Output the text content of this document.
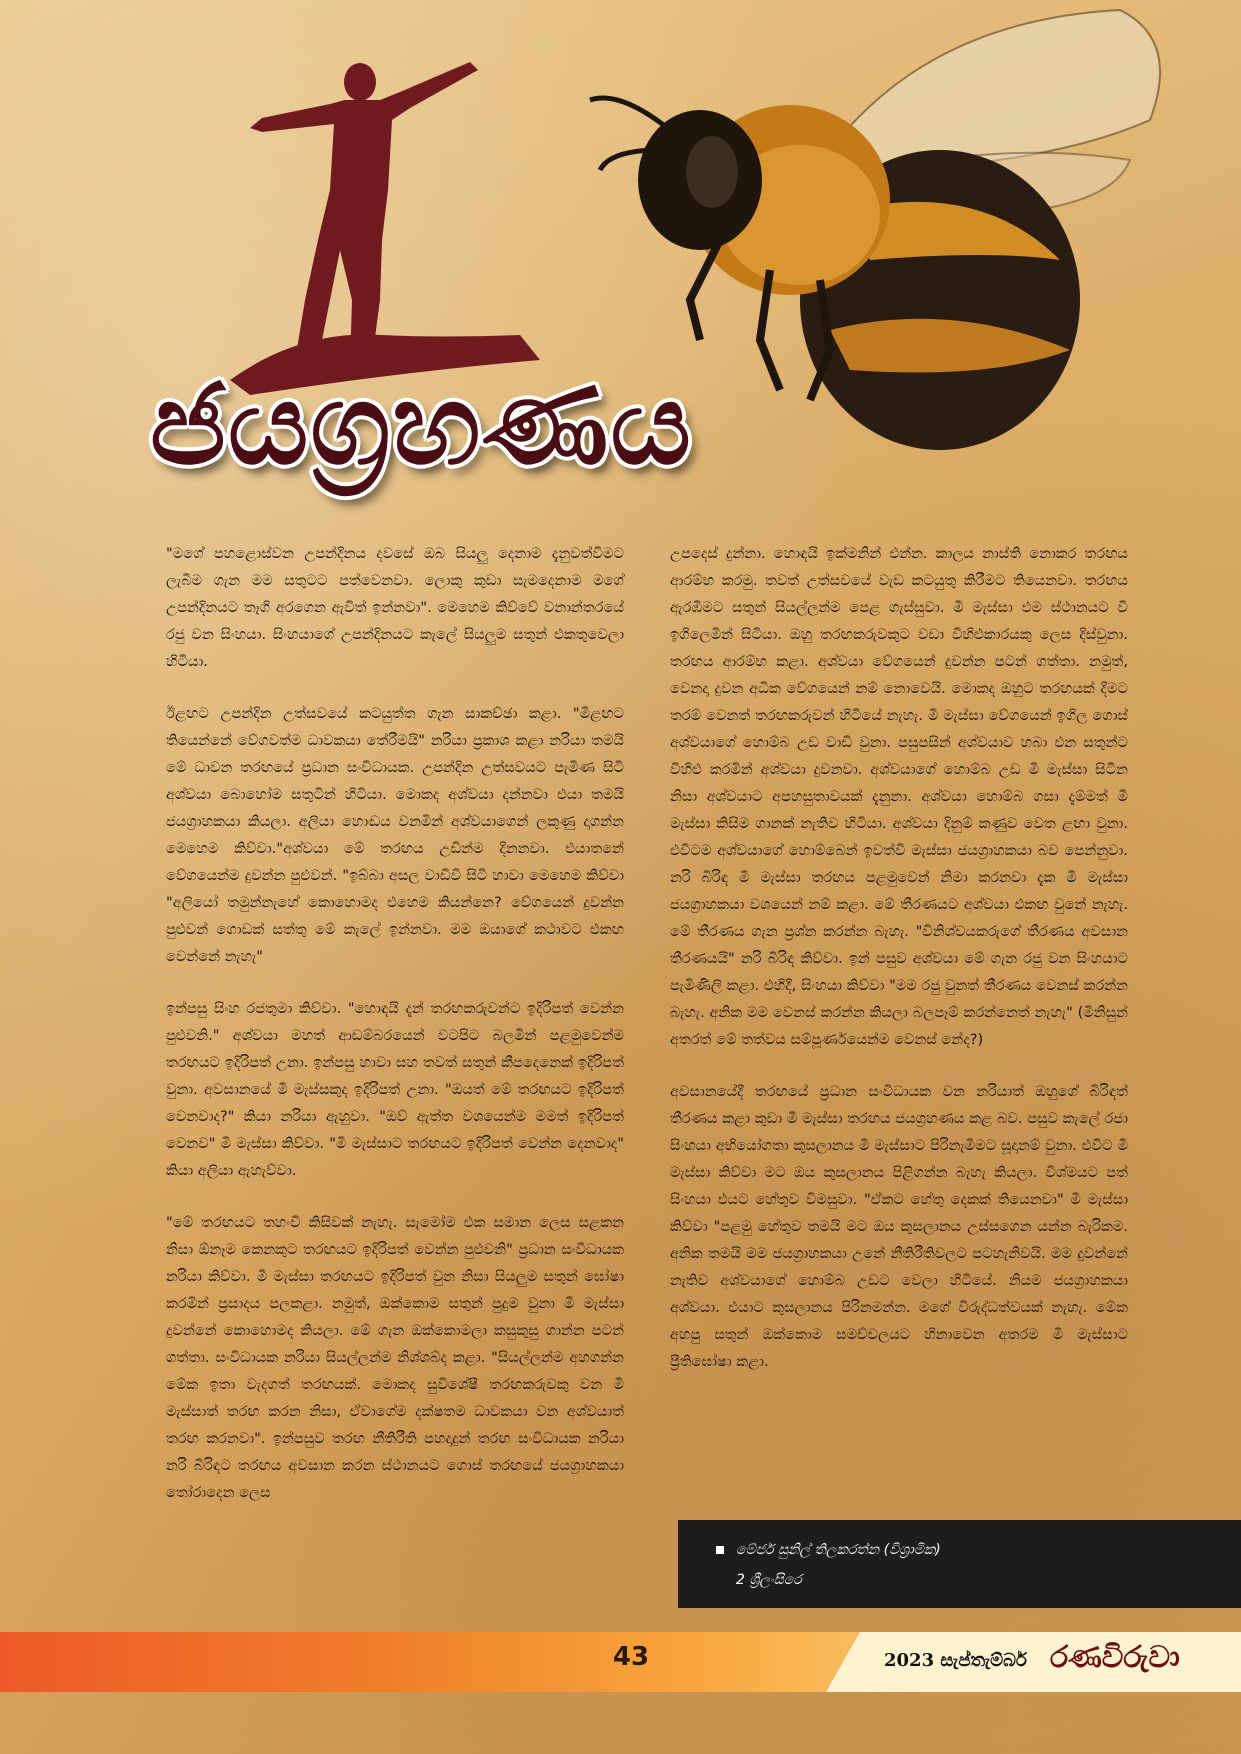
ජයග්‍රහණය

"මගේ පහළොස්වන උපන්දිනය දවසේ ඔබ සියලු දෙනාම දැනුවත්වීමට ලැබීම ගැන මම සතුටට පත්වෙනවා. ලොකු කුඩා සැමදෙනාම මගේ උපන්දිනයට තෑගි අරගෙන ඇවිත් ඉන්නවා". මෙහෙම කිව්වේ වනාන්තරයේ රජු වන සිංහයා. සිංහයාගේ උපන්දිනයට කැලේ සියලුම සතුන් එකතුවෙලා හිටියා.

ඊළඟට උපන්දින උත්සවයේ කටයුත්ත ගැන සාකච්ඡා කළා. "මීළඟට තියෙන්නේ වේගවත්ම ධාවකයා තේරීමයි" නරියා ප්‍රකාශ කළා නරියා තමයි මේ ධාවන තරඟයේ ප්‍රධාන සංවිධායක. උපන්දින උත්සවයට පැමිණ සිටි අශ්වයා බොහෝම සතුටින් හිටියා. මොකද අශ්වයා දන්නවා එයා තමයි ජයග්‍රාහකයා කියලා. අලියා හොඬය වනමින් අශ්වයාගෙන් ලකුණු දාගන්න මෙහෙම කිව්වා."අශ්වයා මේ තරඟය උඩින්ම දිනනවා. එයාතනේ වේගයෙන්ම දුවන්න පුළුවන්. "ඉබ්බා අසල වාඩිවී සිටි හාවා මෙහෙම කිව්වා "අලියෝ තමුන්නැහේ කොහොමද එහෙම කියන්නෙ? වේගයෙන් දුවන්න පුළුවන් ගොඩක් සත්තු මේ කැලේ ඉන්නවා. මම ඔයාගේ කථාවට එකඟ වෙන්නේ නැහැ"

ඉන්පසු සිංහ රජතුමා කිව්වා. "හොඳයි දැන් තරඟකරුවන්ට ඉදිරිපත් වෙන්න පුළුවනි." අශ්වයා මහත් ආඩම්බරයෙන් වටපිට බලමින් පළමුවෙන්ම තරඟයට ඉදිරිපත් උනා. ඉන්පසු හාවා සහ තවත් සතුන් කීපදෙනෙක් ඉදිරිපත් වුනා. අවසානයේ මී මැස්සකුද ඉදිරිපත් උනා. "ඔයත් මේ තරඟයට ඉදිරිපත් වෙනවාද?" කියා නරියා ඇහුවා. "ඔව් ඇත්ත වශයෙන්ම මමත් ඉදිරිපත් වෙනව" මී මැස්සා කිව්වා. "මී මැස්සාට තරඟයට ඉදිරිපත් වෙන්න දෙනවාද" කියා අලියා ඇහැව්වා.

"මේ තරඟයට තහංචි කිසිවක් නැහැ. සැමෝම එක සමාන ලෙස සළකන නිසා ඕනෑම කෙනකුට තරඟයට ඉදිරිපත් වෙන්න පුළුවනි" ප්‍රධාන සංවිධායක නරියා කිව්වා. මී මැස්සා තරඟයට ඉදිරිපත් වුන නිසා සියලුම සතුන් ඝෝෂා කරමින් ප්‍රසාදය පලකළා. නමුත්, ඔක්කොම සතුන් පුදුම වුනා මී මැස්සා දුවන්නේ කොහොමද කියලා. මේ ගැන ඔක්කොමලා කසුකුසු ගාන්න පටන් ගත්තා. සංවිධායක නරියා සියල්ලන්ම නිශ්ශබ්ද කළා. "සියල්ලන්ම අහගන්න මේක ඉතා වැදගත් තරඟයක්. මොකද සුවිශේෂී තරඟකරුවකු වන මී මැස්සාත් තරඟ කරන නිසා, ඒවාගේම දක්ෂතම ධාවකයා වන අශ්වයාත් තරඟ කරනවා". ඉන්පසුව තරඟ නීතිරීති පහදාදුන් තරඟ සංවිධායක නරියා නරි බිරිඳට තරඟය අවසාන කරන ස්ථානයට ගොස් තරඟයේ ජයග්‍රාහකයා තෝරාදෙන ලෙස

උපදෙස් දුන්නා. හොඳයි ඉක්මනින් එන්න. කාලය නාස්ති නොකර තරඟය ආරම්භ කරමු. තවත් උත්සවයේ වැඩ කටයුතු කිරීමට තියෙනවා. තරඟය ඇරඹීමට සතුන් සියල්ලන්ම පෙළ ගැස්සුවා. මී මැස්සා එම ස්ථානයට වී ඉගිලෙමින් සිටියා. ඔහු තරඟකරුවකුට වඩා විහිළුකාරයකු ලෙස දිස්වුනා. තරඟය ආරම්භ කළා. අශ්වයා වේගයෙන් දුවන්න පටන් ගත්තා. නමුත්, වෙනදා දුවන අධික වේගයෙන් නම් නොවෙයි. මොකද ඔහුට තරඟයක් දීමට තරම් වෙනත් තරඟකරුවන් හිටියේ නැහැ. මී මැස්සා වේගයෙන් ඉගිල ගොස් අශ්වයාගේ හොම්බ උඩ වාඩි වුනා. පසුපසින් අශ්වයාව හබා එන සතුන්ට විහිළු කරමින් අශ්වයා දුවනවා. අශ්වයාගේ හොම්බ උඩ මී මැස්සා සිටින නිසා අශ්වයාට අපහසුතාවයක් දැනුනා. අශ්වයා හොම්බ ගසා දැම්මත් මී මැස්සා කිසිම ගානක් නැතිව හිටියා. අශ්වයා දිනුම් කණුව වෙත ළඟා වුනා. එවිටම අශ්වයාගේ හොම්බෙන් ඉවත්වී මැස්සා ජයග්‍රාහකයා බව පෙන්නුවා. නරි බිරිඳ මී මැස්සා තරඟය පළමුවෙන් නිමා කරනවා දැක මී මැස්සා ජයග්‍රාහකයා වශයෙන් නම් කළා. මේ තීරණයට අශ්වයා එකඟ වුනේ නැහැ. මේ තීරණය ගැන ප්‍රශ්න කරන්න බැහැ. "විනිශ්චයකරුගේ තීරණය අවසාන තීරණයයි" නරි බිරිඳ කිව්වා. ඉන් පසුව අශ්වයා මේ ගැන රජු වන සිංහයාට පැමිණිලි කළා. එහිදී, සිංහයා කිව්වා "මම රජු වුනත් තීරණය වෙනස් කරන්න බැහැ. අනික මම වෙනස් කරන්න කියලා බලපෑම් කරන්නෙත් නැහැ" (මිනිසුන් අතරත් මේ තත්වය සම්පූර්ණයෙන්ම වෙනස් නේද?)

අවසානයේදී තරඟයේ ප්‍රධාන සංවිධායක වන නරියාත් ඔහුගේ බිරිඳත් තීරණය කළා කුඩා මී මැස්සා තරඟය ජයග්‍රහණය කළ බව. පසුව කැලේ රජා සිංහයා අභියෝගතා කුසලානය මී මැස්සාට පිරිනැමීමට සූදානම් වුනා. එවිට මී මැස්සා කිව්වා මට ඔය කුසලානය පිළිගන්න බැහැ කියලා. විශ්මයට පත් සිංහයා එයට හේතුව විමසුවා. "ඒකට හේතු දෙකක් තියෙනවා" මී මැස්සා කිව්වා "පළමු හේතුව තමයි මට ඔය කුසලානය උස්සගෙන යන්න බැරිකම. අනික තමයි මම ජයග්‍රාහකයා උනේ නීතිරීතිවලට පටහැනිවයි. මම දුවන්නේ නැතිව අශ්වයාගේ හොම්බ උඩට වෙලා හිටියේ. නියම ජයග්‍රාහකයා අශ්වයා. එයාට කුසලානය පිරිනමන්න. මගේ විරුද්ධත්වයක් නැහැ. මේක අහපු සතුන් ඔක්කොම සමච්චලයට හිනාවෙන අතරම මී මැස්සාට ප්‍රීතිඝෝෂා කළා.

මේජර් සුනිල් තිලකරත්න (විශ්‍රාමික)
2 ශ්‍රීලංසිරෙ
43	2023 සැප්තැම්බර් රණවිරුවා
